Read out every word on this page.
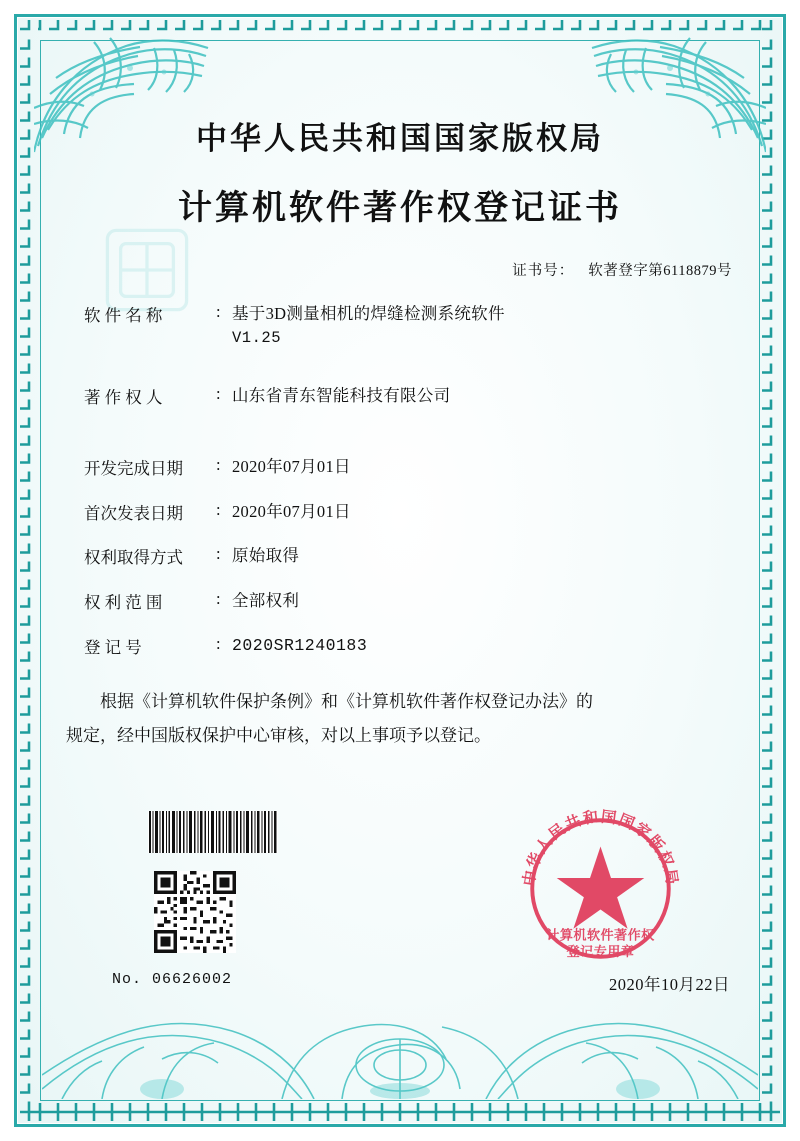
中华人民共和国国家版权局
计算机软件著作权登记证书
证书号： 软著登字第6118879号
软 件 名 称	: 基于3D测量相机的焊缝检测系统软件
V1.25
著 作 权 人	: 山东省青东智能科技有限公司
开发完成日期	: 2020年07月01日
首次发表日期	: 2020年07月01日
权利取得方式	: 原始取得
权 利 范 围	: 全部权利
登 记 号	: 2020SR1240183

根据《计算机软件保护条例》和《计算机软件著作权登记办法》的

规定，经中国版权保护中心审核，对以上事项予以登记。

No. 06626002	2020年10月22日
中华人民共和国国家版权局
计算机软件著作权
登记专用章
